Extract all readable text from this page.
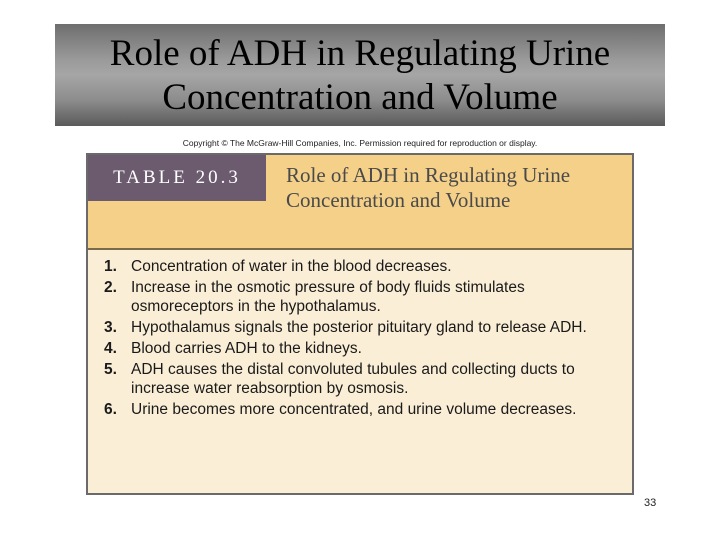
Role of ADH in Regulating Urine Concentration and Volume
Copyright © The McGraw-Hill Companies, Inc. Permission required for reproduction or display.
TABLE 20.3	Role of ADH in Regulating Urine Concentration and Volume
1. Concentration of water in the blood decreases.
2. Increase in the osmotic pressure of body fluids stimulates osmoreceptors in the hypothalamus.
3. Hypothalamus signals the posterior pituitary gland to release ADH.
4. Blood carries ADH to the kidneys.
5. ADH causes the distal convoluted tubules and collecting ducts to increase water reabsorption by osmosis.
6. Urine becomes more concentrated, and urine volume decreases.
33
